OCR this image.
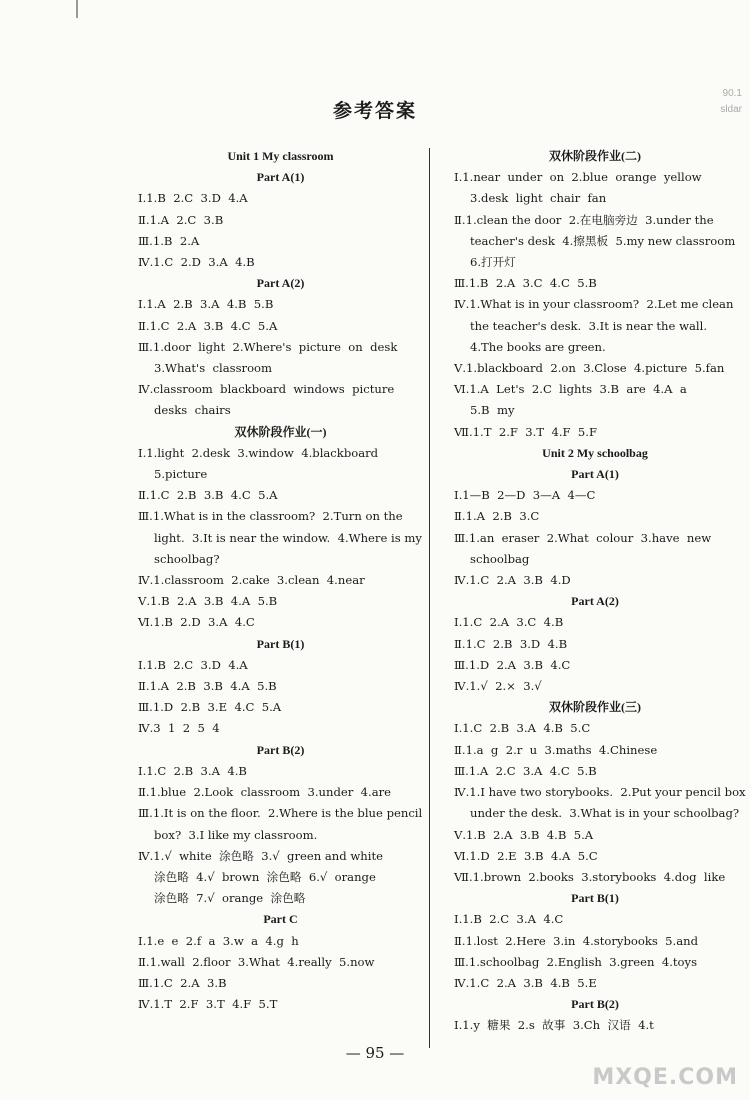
90.1
sldar
参考答案
Unit 1 My classroom
Part A(1)
Ⅰ.1.B  2.C  3.D  4.A
Ⅱ.1.A  2.C  3.B
Ⅲ.1.B  2.A
Ⅳ.1.C  2.D  3.A  4.B
Part A(2)
Ⅰ.1.A  2.B  3.A  4.B  5.B
Ⅱ.1.C  2.A  3.B  4.C  5.A
Ⅲ.1.door  light  2.Where's  picture  on  desk
3.What's  classroom
Ⅳ.classroom  blackboard  windows  picture
desks  chairs
双休阶段作业(一)
Ⅰ.1.light  2.desk  3.window  4.blackboard
5.picture
Ⅱ.1.C  2.B  3.B  4.C  5.A
Ⅲ.1.What is in the classroom?  2.Turn on the
light.  3.It is near the window.  4.Where is my
schoolbag?
Ⅳ.1.classroom  2.cake  3.clean  4.near
Ⅴ.1.B  2.A  3.B  4.A  5.B
Ⅵ.1.B  2.D  3.A  4.C
Part B(1)
Ⅰ.1.B  2.C  3.D  4.A
Ⅱ.1.A  2.B  3.B  4.A  5.B
Ⅲ.1.D  2.B  3.E  4.C  5.A
Ⅳ.3  1  2  5  4
Part B(2)
Ⅰ.1.C  2.B  3.A  4.B
Ⅱ.1.blue  2.Look  classroom  3.under  4.are
Ⅲ.1.It is on the floor.  2.Where is the blue pencil
box?  3.I like my classroom.
Ⅳ.1.√  white  涂色略  3.√  green and white
涂色略  4.√  brown  涂色略  6.√  orange
涂色略  7.√  orange  涂色略
Part C
Ⅰ.1.e  e  2.f  a  3.w  a  4.g  h
Ⅱ.1.wall  2.floor  3.What  4.really  5.now
Ⅲ.1.C  2.A  3.B
Ⅳ.1.T  2.F  3.T  4.F  5.T
双休阶段作业(二)
Ⅰ.1.near  under  on  2.blue  orange  yellow
3.desk  light  chair  fan
Ⅱ.1.clean the door  2.在电脑旁边  3.under the
teacher's desk  4.擦黑板  5.my new classroom
6.打开灯
Ⅲ.1.B  2.A  3.C  4.C  5.B
Ⅳ.1.What is in your classroom?  2.Let me clean
the teacher's desk.  3.It is near the wall.
4.The books are green.
Ⅴ.1.blackboard  2.on  3.Close  4.picture  5.fan
Ⅵ.1.A  Let's  2.C  lights  3.B  are  4.A  a
5.B  my
Ⅶ.1.T  2.F  3.T  4.F  5.F
Unit 2 My schoolbag
Part A(1)
Ⅰ.1—B  2—D  3—A  4—C
Ⅱ.1.A  2.B  3.C
Ⅲ.1.an  eraser  2.What  colour  3.have  new
schoolbag
Ⅳ.1.C  2.A  3.B  4.D
Part A(2)
Ⅰ.1.C  2.A  3.C  4.B
Ⅱ.1.C  2.B  3.D  4.B
Ⅲ.1.D  2.A  3.B  4.C
Ⅳ.1.√  2.×  3.√
双休阶段作业(三)
Ⅰ.1.C  2.B  3.A  4.B  5.C
Ⅱ.1.a  g  2.r  u  3.maths  4.Chinese
Ⅲ.1.A  2.C  3.A  4.C  5.B
Ⅳ.1.I have two storybooks.  2.Put your pencil box
under the desk.  3.What is in your schoolbag?
Ⅴ.1.B  2.A  3.B  4.B  5.A
Ⅵ.1.D  2.E  3.B  4.A  5.C
Ⅶ.1.brown  2.books  3.storybooks  4.dog  like
Part B(1)
Ⅰ.1.B  2.C  3.A  4.C
Ⅱ.1.lost  2.Here  3.in  4.storybooks  5.and
Ⅲ.1.schoolbag  2.English  3.green  4.toys
Ⅳ.1.C  2.A  3.B  4.B  5.E
Part B(2)
Ⅰ.1.y  糖果  2.s  故事  3.Ch  汉语  4.t
— 95 —
MXQE.COM
